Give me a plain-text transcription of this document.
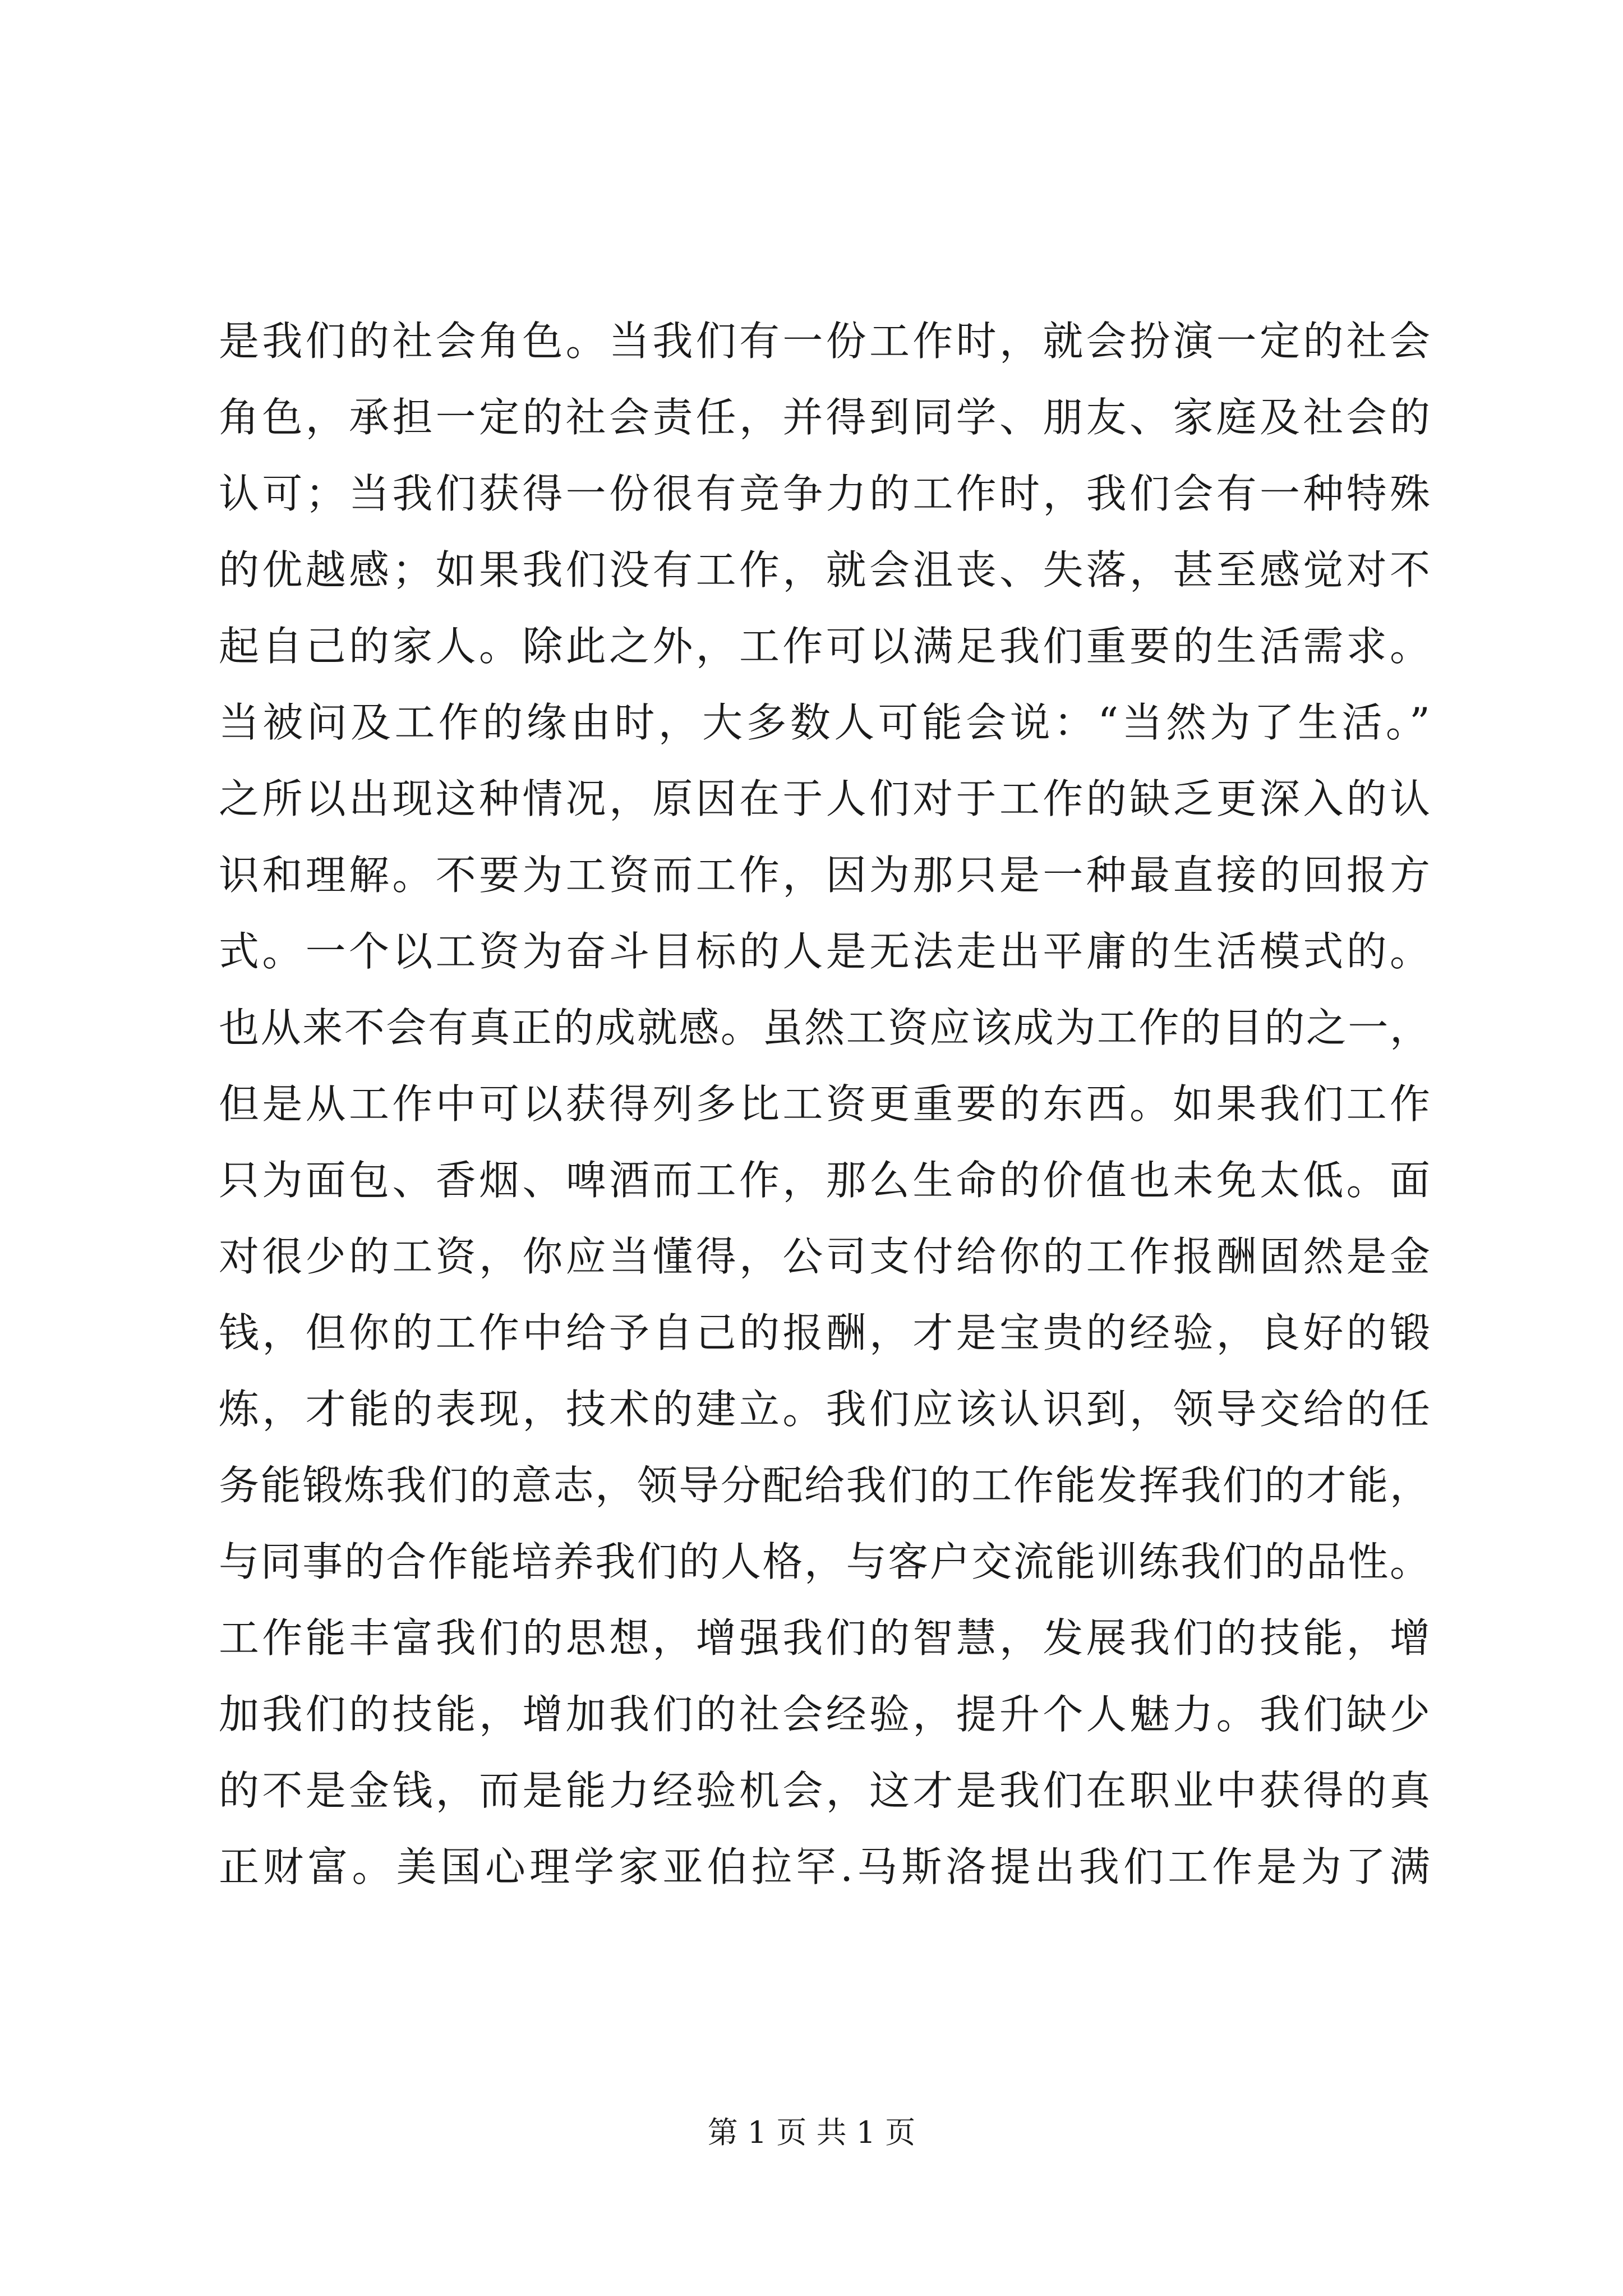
是我们的社会角色。当我们有一份工作时，就会扮演一定的社会
角色，承担一定的社会责任，并得到同学、朋友、家庭及社会的
认可；当我们获得一份很有竞争力的工作时，我们会有一种特殊
的优越感；如果我们没有工作，就会沮丧、失落，甚至感觉对不
起自己的家人。除此之外，工作可以满足我们重要的生活需求。
当被问及工作的缘由时，大多数人可能会说：“当然为了生活。”
之所以出现这种情况，原因在于人们对于工作的缺乏更深入的认
识和理解。不要为工资而工作，因为那只是一种最直接的回报方
式。一个以工资为奋斗目标的人是无法走出平庸的生活模式的。
也从来不会有真正的成就感。虽然工资应该成为工作的目的之一，
但是从工作中可以获得列多比工资更重要的东西。如果我们工作
只为面包、香烟、啤酒而工作，那么生命的价值也未免太低。面
对很少的工资，你应当懂得，公司支付给你的工作报酬固然是金
钱，但你的工作中给予自己的报酬，才是宝贵的经验，良好的锻
炼，才能的表现，技术的建立。我们应该认识到，领导交给的任
务能锻炼我们的意志，领导分配给我们的工作能发挥我们的才能，
与同事的合作能培养我们的人格，与客户交流能训练我们的品性。
工作能丰富我们的思想，增强我们的智慧，发展我们的技能，增
加我们的技能，增加我们的社会经验，提升个人魅力。我们缺少
的不是金钱，而是能力经验机会，这才是我们在职业中获得的真
正财富。美国心理学家亚伯拉罕.马斯洛提出我们工作是为了满
第 1 页 共 1 页
